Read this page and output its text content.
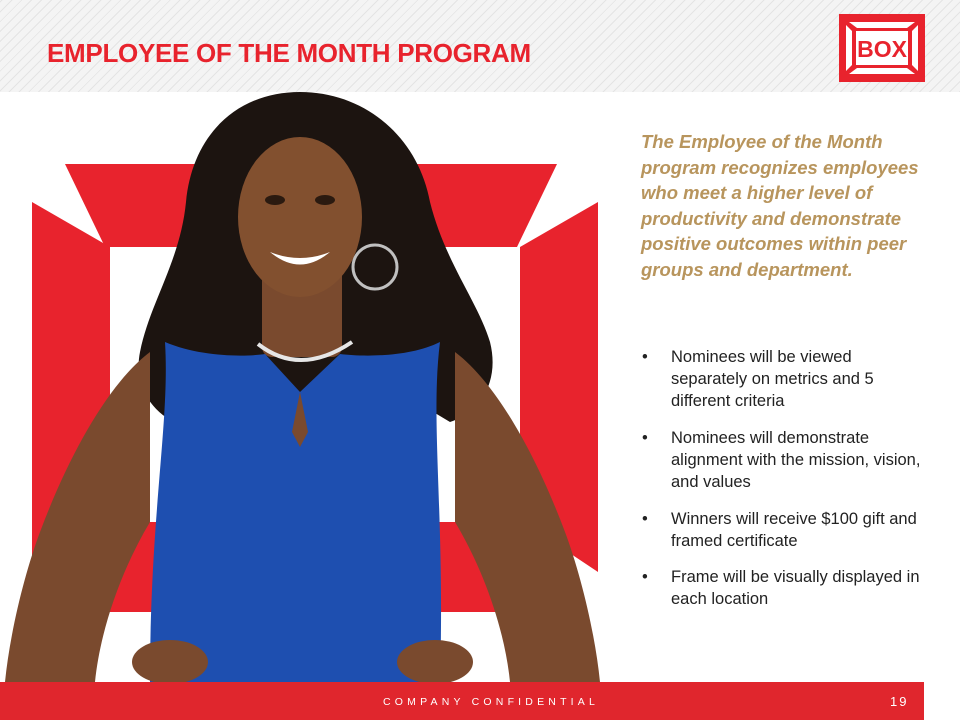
EMPLOYEE OF THE MONTH PROGRAM	BOX

The Employee of the Month program recognizes employees who meet a higher level of productivity and demonstrate positive outcomes within peer groups and department.

• Nominees will be viewed separately on metrics and 5 different criteria
• Nominees will demonstrate alignment with the mission, vision, and values
• Winners will receive $100 gift and framed certificate
• Frame will be visually displayed in each location
COMPANY CONFIDENTIAL	19
